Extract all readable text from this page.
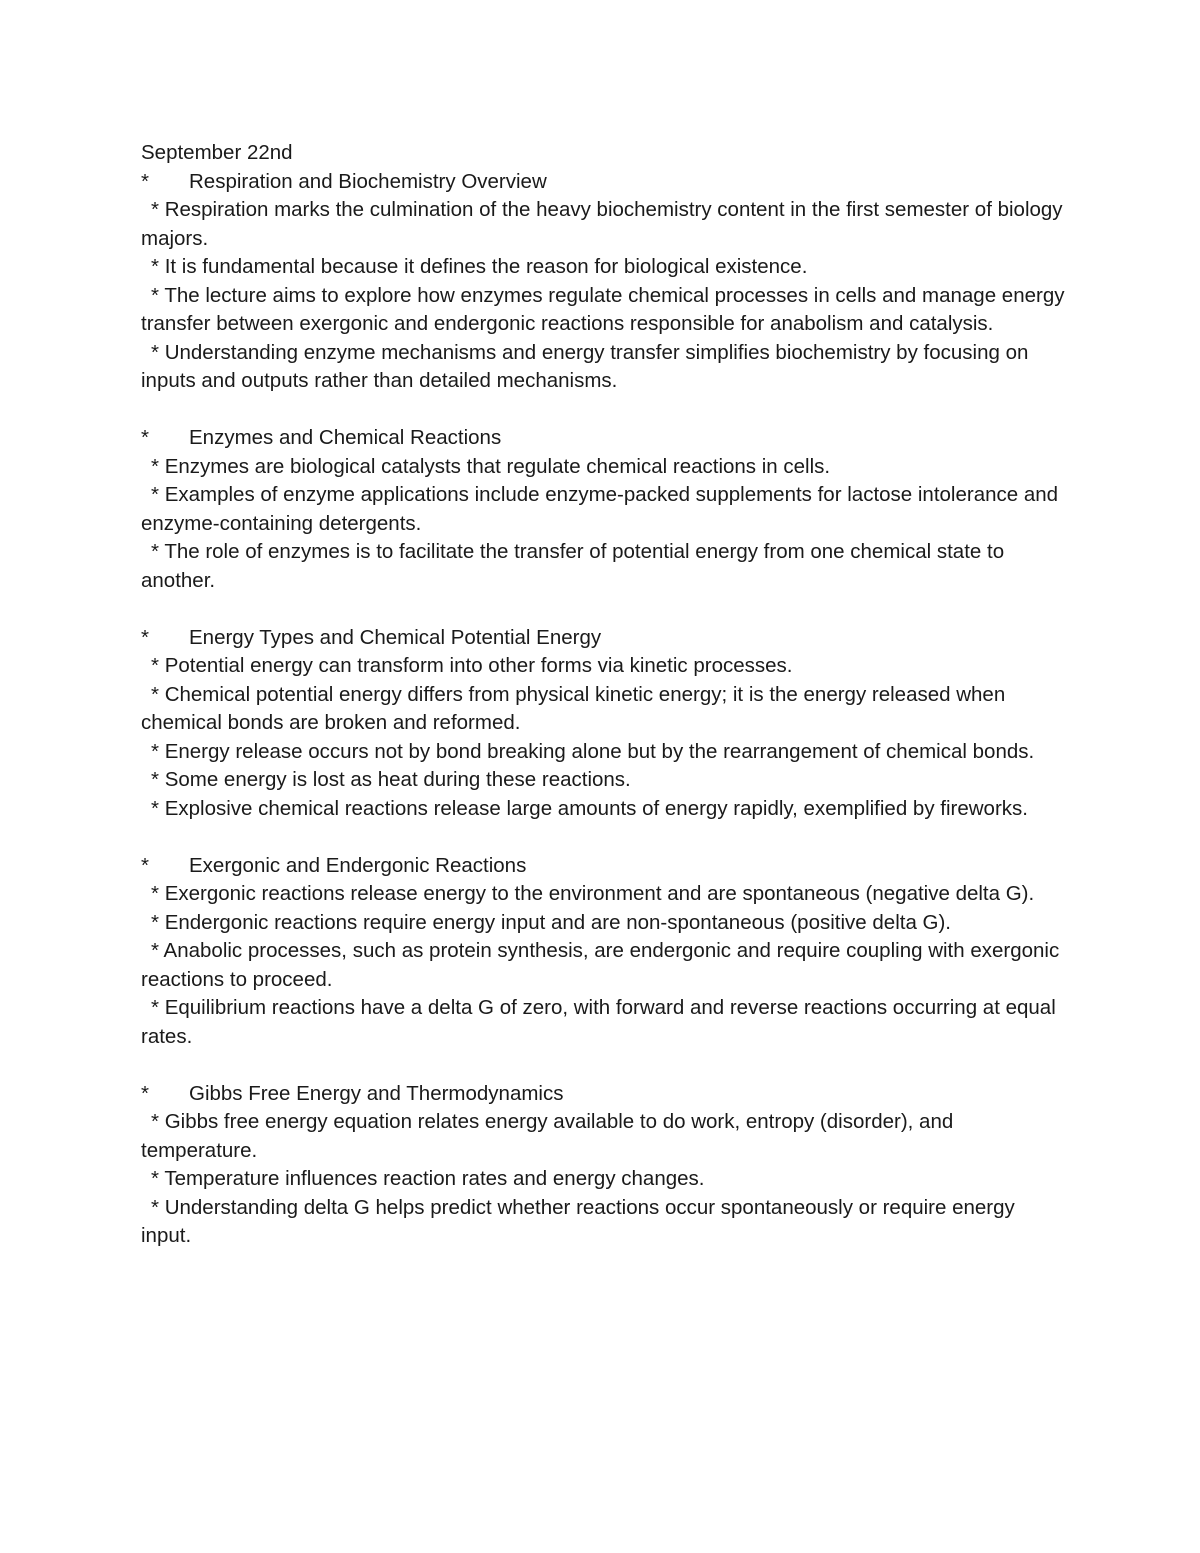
September 22nd

*	Respiration and Biochemistry Overview
* Respiration marks the culmination of the heavy biochemistry content in the first semester of biology majors.
* It is fundamental because it defines the reason for biological existence.
* The lecture aims to explore how enzymes regulate chemical processes in cells and manage energy transfer between exergonic and endergonic reactions responsible for anabolism and catalysis.
* Understanding enzyme mechanisms and energy transfer simplifies biochemistry by focusing on inputs and outputs rather than detailed mechanisms.
*	Enzymes and Chemical Reactions
* Enzymes are biological catalysts that regulate chemical reactions in cells.
* Examples of enzyme applications include enzyme-packed supplements for lactose intolerance and enzyme-containing detergents.
* The role of enzymes is to facilitate the transfer of potential energy from one chemical state to another.
*	Energy Types and Chemical Potential Energy
* Potential energy can transform into other forms via kinetic processes.
* Chemical potential energy differs from physical kinetic energy; it is the energy released when chemical bonds are broken and reformed.
* Energy release occurs not by bond breaking alone but by the rearrangement of chemical bonds.
* Some energy is lost as heat during these reactions.
* Explosive chemical reactions release large amounts of energy rapidly, exemplified by fireworks.
*	Exergonic and Endergonic Reactions
* Exergonic reactions release energy to the environment and are spontaneous (negative delta G).
* Endergonic reactions require energy input and are non-spontaneous (positive delta G).
* Anabolic processes, such as protein synthesis, are endergonic and require coupling with exergonic reactions to proceed.
* Equilibrium reactions have a delta G of zero, with forward and reverse reactions occurring at equal rates.
*	Gibbs Free Energy and Thermodynamics
* Gibbs free energy equation relates energy available to do work, entropy (disorder), and temperature.
* Temperature influences reaction rates and energy changes.
* Understanding delta G helps predict whether reactions occur spontaneously or require energy input.
